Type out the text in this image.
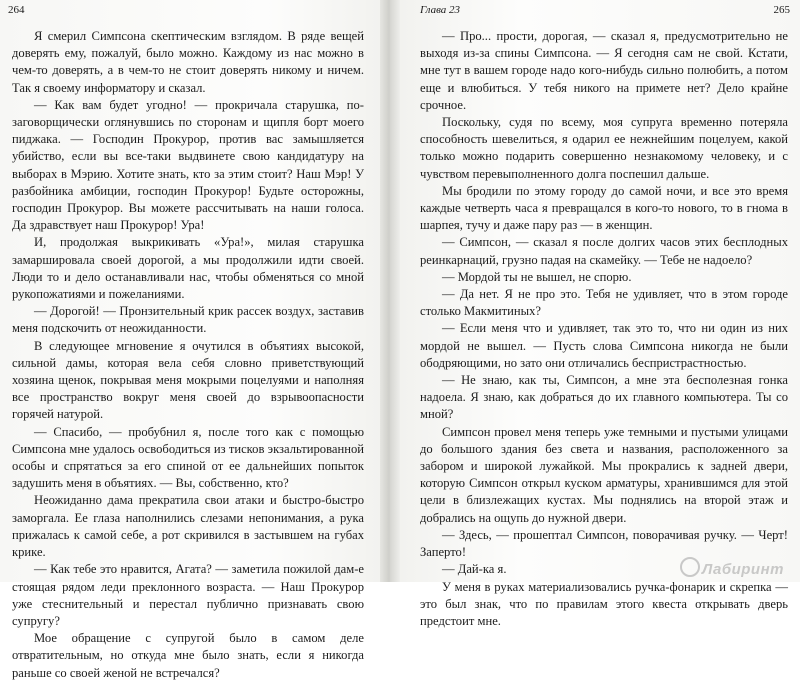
264

Я смерил Симпсона скептическим взглядом. В ряде вещей доверять ему, пожалуй, было можно. Каждому из нас можно в чем-то доверять, а в чем-то не стоит доверять никому и ничем. Так я своему информатору и сказал.

— Как вам будет угодно! — прокричала старушка, по-заговорщически оглянувшись по сторонам и щипля борт моего пиджака. — Господин Прокурор, против вас замышляется убийство, если вы все-таки выдвинете свою кандидатуру на выборах в Мэрию. Хотите знать, кто за этим стоит? Наш Мэр! У разбойника амбиции, господин Прокурор! Будьте осторожны, господин Прокурор. Вы можете рассчитывать на наши голоса. Да здравствует наш Прокурор! Ура!

И, продолжая выкрикивать «Ура!», милая старушка замаршировала своей дорогой, а мы продолжили идти своей. Люди то и дело останавливали нас, чтобы обменяться со мной рукопожатиями и пожеланиями.

— Дорогой! — Пронзительный крик рассек воздух, заставив меня подскочить от неожиданности.

В следующее мгновение я очутился в объятиях высокой, сильной дамы, которая вела себя словно приветствующий хозяина щенок, покрывая меня мокрыми поцелуями и наполняя все пространство вокруг меня своей до взрывоопасности горячей натурой.

— Спасибо, — пробубнил я, после того как с помощью Симпсона мне удалось освободиться из тисков экзальтированной особы и спрятаться за его спиной от ее дальнейших попыток задушить меня в объятиях. — Вы, собственно, кто?

Неожиданно дама прекратила свои атаки и быстро-быстро заморгала. Ее глаза наполнились слезами непонимания, а рука прижалась к самой себе, а рот скривился в застывшем на губах крике.

— Как тебе это нравится, Агата? — заметила пожилой дам-е стоящая рядом леди преклонного возраста. — Наш Прокурор уже стеснительный и перестал публично признавать свою супругу?

Мое обращение с супругой было в самом деле отвратительным, но откуда мне было знать, если я никогда раньше со своей женой не встречался?

Глава 23	265

— Про... прости, дорогая, — сказал я, предусмотрительно не выходя из-за спины Симпсона. — Я сегодня сам не свой. Кстати, мне тут в вашем городе надо кого-нибудь сильно полюбить, а потом еще и влюбиться. У тебя никого на примете нет? Дело крайне срочное.

Поскольку, судя по всему, моя супруга временно потеряла способность шевелиться, я одарил ее нежнейшим поцелуем, какой только можно подарить совершенно незнакомому человеку, и с чувством перевыполненного долга поспешил дальше.

Мы бродили по этому городу до самой ночи, и все это время каждые четверть часа я превращался в кого-то нового, то в гнома в шарпея, тучу и даже пару раз — в женщин.

— Симпсон, — сказал я после долгих часов этих бесплодных реинкарнаций, грузно падая на скамейку. — Тебе не надоело?

— Мордой ты не вышел, не спорю.

— Да нет. Я не про это. Тебя не удивляет, что в этом городе столько Макмитиных?

— Если меня что и удивляет, так это то, что ни один из них мордой не вышел. — Пусть слова Симпсона никогда не были ободряющими, но зато они отличались беспристрастностью.

— Не знаю, как ты, Симпсон, а мне эта бесполезная гонка надоела. Я знаю, как добраться до их главного компьютера. Ты со мной?

Симпсон провел меня теперь уже темными и пустыми улицами до большого здания без света и названия, расположенного за забором и широкой лужайкой. Мы прокрались к задней двери, которую Симпсон открыл куском арматуры, хранившимся для этой цели в близлежащих кустах. Мы поднялись на второй этаж и добрались на ощупь до нужной двери.

— Здесь, — прошептал Симпсон, поворачивая ручку. — Черт! Заперто!

— Дай-ка я.

У меня в руках материализовались ручка-фонарик и скрепка — это был знак, что по правилам этого квеста открывать дверь предстоит мне.

Лабиринт
